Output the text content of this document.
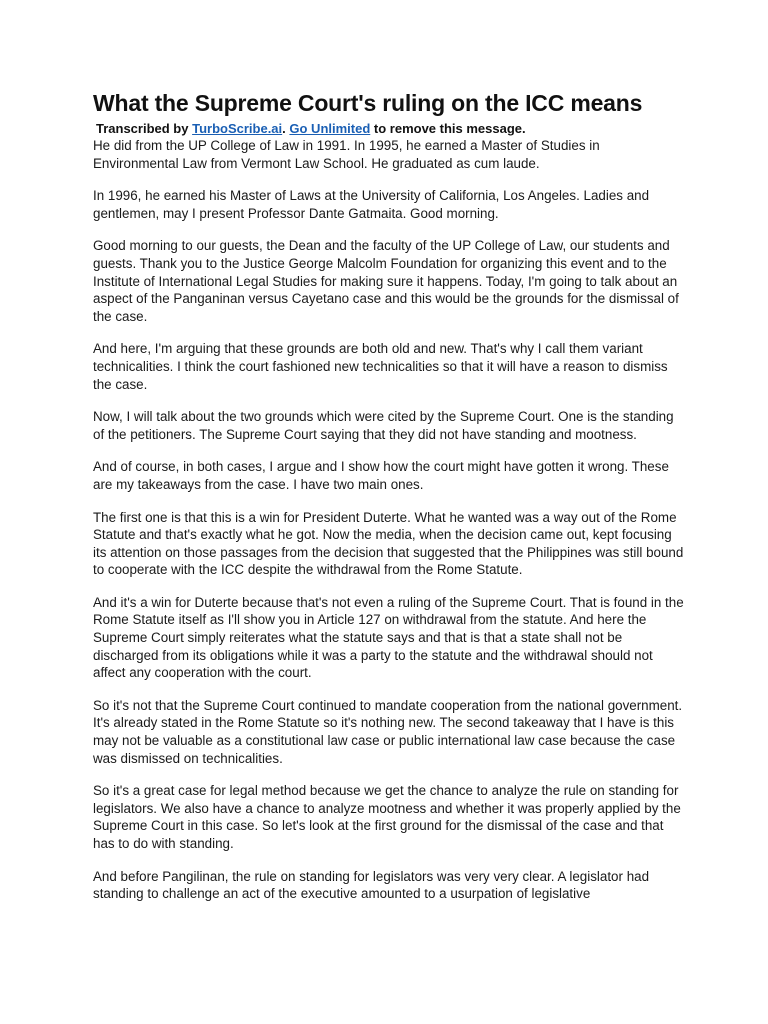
What the Supreme Court's ruling on the ICC means
Transcribed by TurboScribe.ai. Go Unlimited to remove this message.

He did from the UP College of Law in 1991. In 1995, he earned a Master of Studies in Environmental Law from Vermont Law School. He graduated as cum laude.

In 1996, he earned his Master of Laws at the University of California, Los Angeles. Ladies and gentlemen, may I present Professor Dante Gatmaita. Good morning.

Good morning to our guests, the Dean and the faculty of the UP College of Law, our students and guests. Thank you to the Justice George Malcolm Foundation for organizing this event and to the Institute of International Legal Studies for making sure it happens. Today, I'm going to talk about an aspect of the Panganinan versus Cayetano case and this would be the grounds for the dismissal of the case.

And here, I'm arguing that these grounds are both old and new. That's why I call them variant technicalities. I think the court fashioned new technicalities so that it will have a reason to dismiss the case.

Now, I will talk about the two grounds which were cited by the Supreme Court. One is the standing of the petitioners. The Supreme Court saying that they did not have standing and mootness.

And of course, in both cases, I argue and I show how the court might have gotten it wrong. These are my takeaways from the case. I have two main ones.

The first one is that this is a win for President Duterte. What he wanted was a way out of the Rome Statute and that's exactly what he got. Now the media, when the decision came out, kept focusing its attention on those passages from the decision that suggested that the Philippines was still bound to cooperate with the ICC despite the withdrawal from the Rome Statute.

And it's a win for Duterte because that's not even a ruling of the Supreme Court. That is found in the Rome Statute itself as I'll show you in Article 127 on withdrawal from the statute. And here the Supreme Court simply reiterates what the statute says and that is that a state shall not be discharged from its obligations while it was a party to the statute and the withdrawal should not affect any cooperation with the court.

So it's not that the Supreme Court continued to mandate cooperation from the national government. It's already stated in the Rome Statute so it's nothing new. The second takeaway that I have is this may not be valuable as a constitutional law case or public international law case because the case was dismissed on technicalities.

So it's a great case for legal method because we get the chance to analyze the rule on standing for legislators. We also have a chance to analyze mootness and whether it was properly applied by the Supreme Court in this case. So let's look at the first ground for the dismissal of the case and that has to do with standing.

And before Pangilinan, the rule on standing for legislators was very very clear. A legislator had standing to challenge an act of the executive amounted to a usurpation of legislative
